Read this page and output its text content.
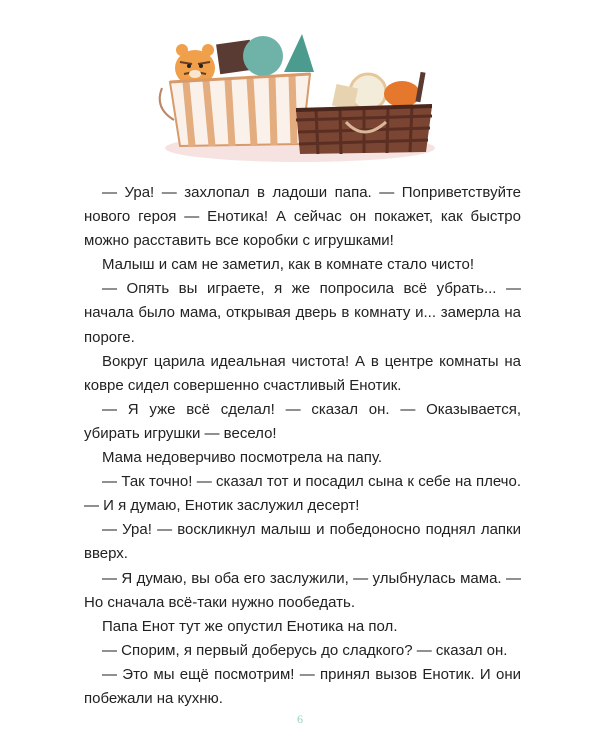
— Ура! — захлопал в ладоши папа. — Поприветствуйте нового героя — Енотика! А сейчас он покажет, как быстро можно расставить все коробки с игрушками!

Малыш и сам не заметил, как в комнате стало чисто!

— Опять вы играете, я же попросила всё убрать... — начала было мама, открывая дверь в комнату и... замерла на пороге.

Вокруг царила идеальная чистота! А в центре комнаты на ковре сидел совершенно счастливый Енотик.

— Я уже всё сделал! — сказал он. — Оказывается, убирать игрушки — весело!

Мама недоверчиво посмотрела на папу.

— Так точно! — сказал тот и посадил сына к себе на плечо. — И я думаю, Енотик заслужил десерт!

— Ура! — воскликнул малыш и победоносно поднял лапки вверх.

— Я думаю, вы оба его заслужили, — улыбнулась мама. — Но сначала всё-таки нужно пообедать.

Папа Енот тут же опустил Енотика на пол.

— Спорим, я первый доберусь до сладкого? — сказал он.

— Это мы ещё посмотрим! — принял вызов Енотик. И они побежали на кухню.

6
